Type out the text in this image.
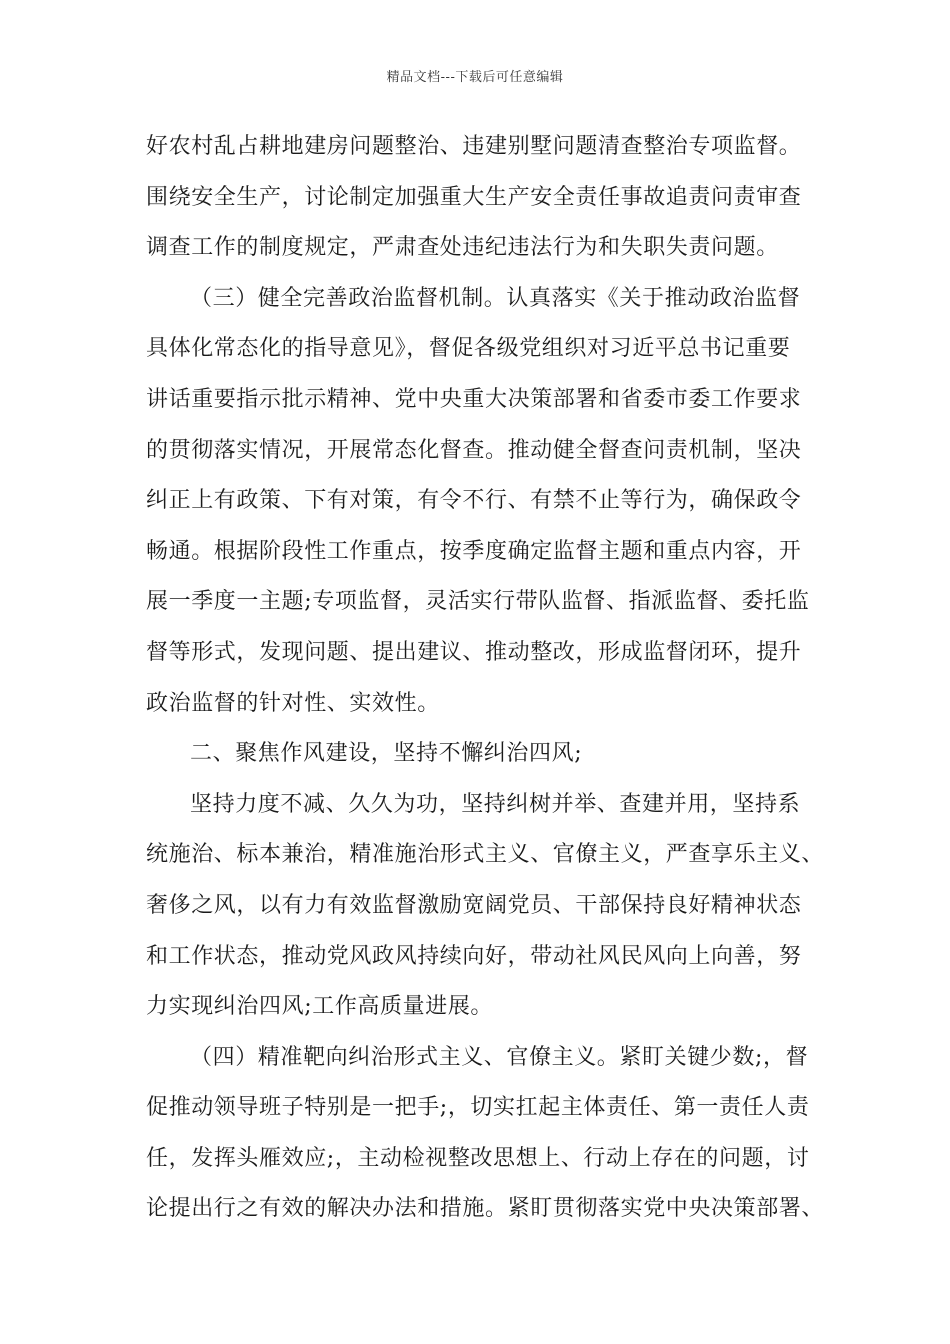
精品文档---下载后可任意编辑
好农村乱占耕地建房问题整治、违建别墅问题清查整治专项监督。
围绕安全生产，讨论制定加强重大生产安全责任事故追责问责审查
调查工作的制度规定，严肃查处违纪违法行为和失职失责问题。
（三）健全完善政治监督机制。认真落实《关于推动政治监督
具体化常态化的指导意见》，督促各级党组织对习近平总书记重要
讲话重要指示批示精神、党中央重大决策部署和省委市委工作要求
的贯彻落实情况，开展常态化督查。推动健全督查问责机制，坚决
纠正上有政策、下有对策，有令不行、有禁不止等行为，确保政令
畅通。根据阶段性工作重点，按季度确定监督主题和重点内容，开
展一季度一主题;专项监督，灵活实行带队监督、指派监督、委托监
督等形式，发现问题、提出建议、推动整改，形成监督闭环，提升
政治监督的针对性、实效性。
二、聚焦作风建设，坚持不懈纠治四风;
坚持力度不减、久久为功，坚持纠树并举、查建并用，坚持系
统施治、标本兼治，精准施治形式主义、官僚主义，严查享乐主义、
奢侈之风，以有力有效监督激励宽阔党员、干部保持良好精神状态
和工作状态，推动党风政风持续向好，带动社风民风向上向善，努
力实现纠治四风;工作高质量进展。
（四）精准靶向纠治形式主义、官僚主义。紧盯关键少数;，督
促推动领导班子特别是一把手;，切实扛起主体责任、第一责任人责
任，发挥头雁效应;，主动检视整改思想上、行动上存在的问题，讨
论提出行之有效的解决办法和措施。紧盯贯彻落实党中央决策部署、
